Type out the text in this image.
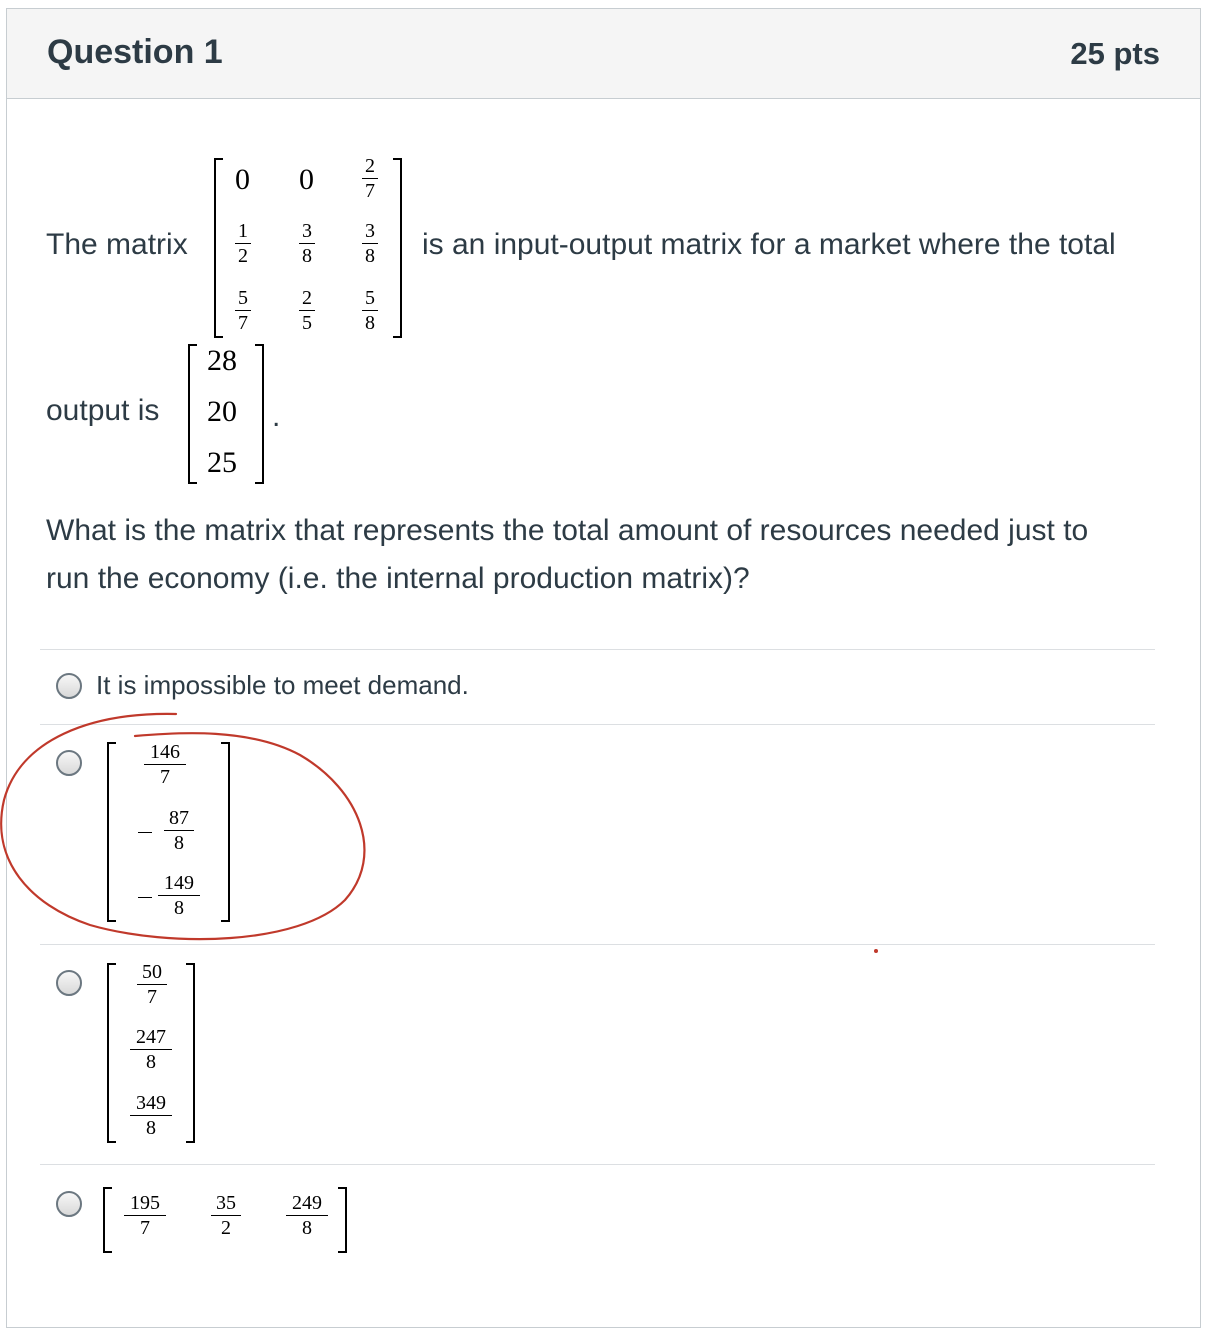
Question 1	25 pts
The matrix
0 0	2
7
1
2
3
8
3
8
5
7
2
5
5
8
is an input-output matrix for a market where the total
output is
28
20
25
.
What is the matrix that represents the total amount of resources needed just to
run the economy (i.e. the internal production matrix)?
It is impossible to meet demand.
146
7
87
8
149
8
50
7
247
8
349
8
195
7
35
2
249
8
